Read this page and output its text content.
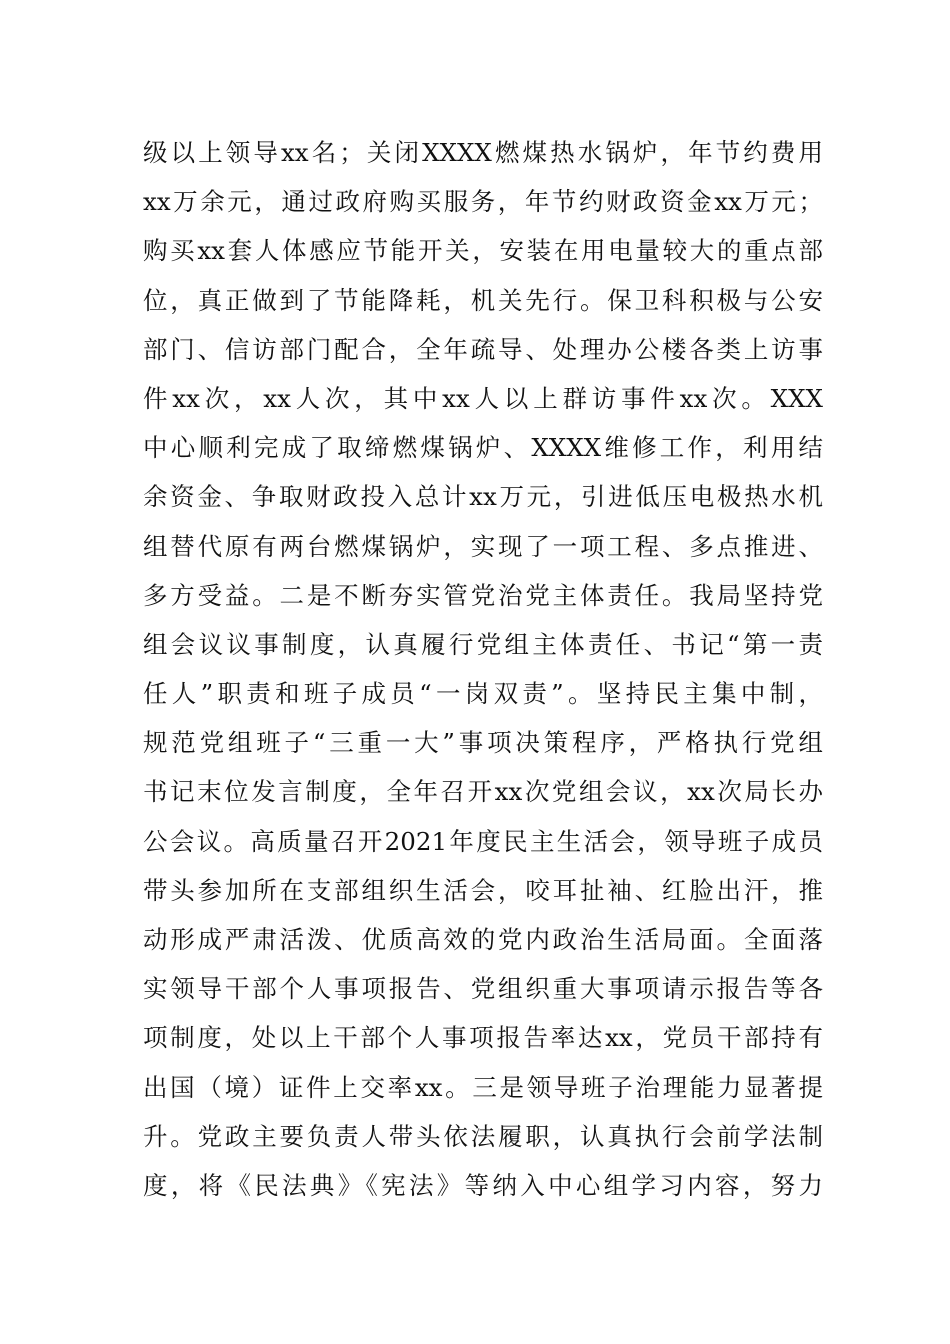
级以上领导xx名；关闭XXXX燃煤热水锅炉，年节约费用
xx万余元，通过政府购买服务，年节约财政资金xx万元；
购买xx套人体感应节能开关，安装在用电量较大的重点部
位，真正做到了节能降耗，机关先行。保卫科积极与公安
部门、信访部门配合，全年疏导、处理办公楼各类上访事
件xx次，xx人次，其中xx人以上群访事件xx次。XXX
中心顺利完成了取缔燃煤锅炉、XXXX维修工作，利用结
余资金、争取财政投入总计xx万元，引进低压电极热水机
组替代原有两台燃煤锅炉，实现了一项工程、多点推进、
多方受益。二是不断夯实管党治党主体责任。我局坚持党
组会议议事制度，认真履行党组主体责任、书记“第一责
任人”职责和班子成员“一岗双责”。坚持民主集中制，
规范党组班子“三重一大”事项决策程序，严格执行党组
书记末位发言制度，全年召开xx次党组会议，xx次局长办
公会议。高质量召开2021年度民主生活会，领导班子成员
带头参加所在支部组织生活会，咬耳扯袖、红脸出汗，推
动形成严肃活泼、优质高效的党内政治生活局面。全面落
实领导干部个人事项报告、党组织重大事项请示报告等各
项制度，处以上干部个人事项报告率达xx，党员干部持有
出国（境）证件上交率xx。三是领导班子治理能力显著提
升。党政主要负责人带头依法履职，认真执行会前学法制
度，将《民法典》《宪法》等纳入中心组学习内容，努力
